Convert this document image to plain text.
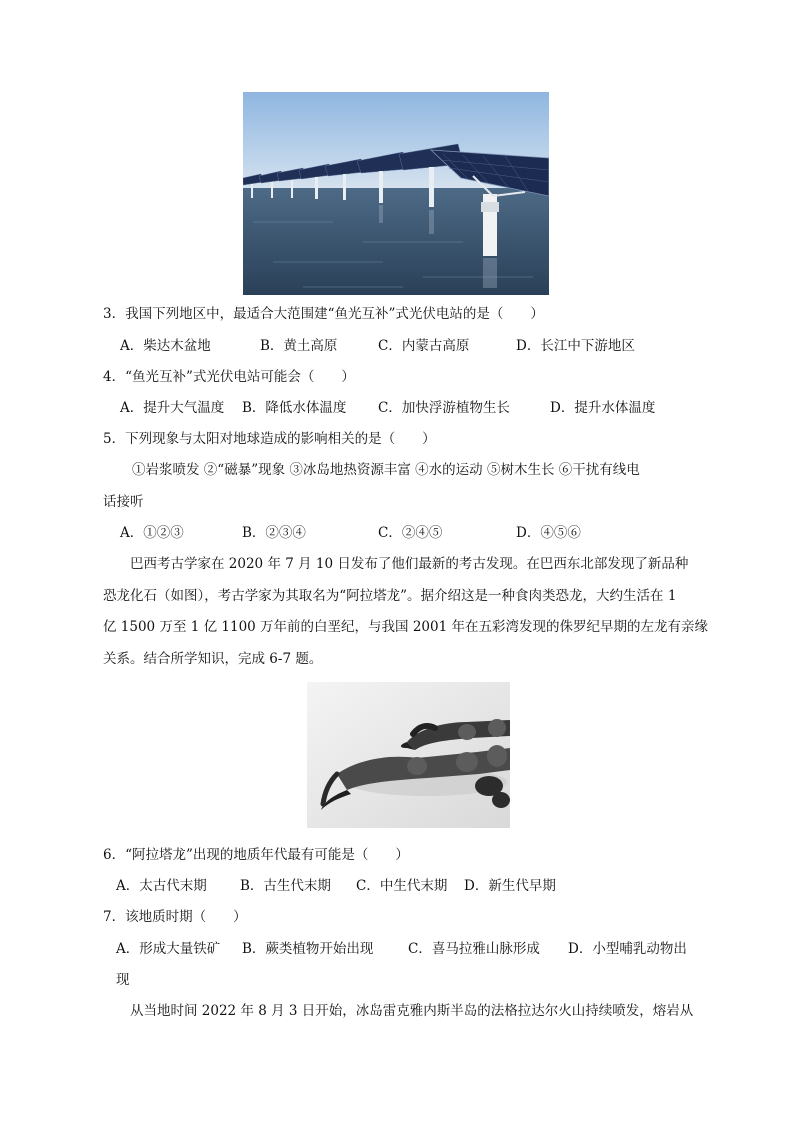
3．我国下列地区中，最适合大范围建“鱼光互补”式光伏电站的是（　　）
A．柴达木盆地	B．黄土高原	C．内蒙古高原	D．长江中下游地区
4．“鱼光互补”式光伏电站可能会（　　）
A．提升大气温度 B．降低水体温度 C．加快浮游植物生长	D．提升水体温度
5．下列现象与太阳对地球造成的影响相关的是（　　）
①岩浆喷发 ②“磁暴”现象 ③冰岛地热资源丰富 ④水的运动 ⑤树木生长 ⑥干扰有线电
话接听
A．①②③	B．②③④	C．②④⑤	D．④⑤⑥
巴西考古学家在 2020 年 7 月 10 日发布了他们最新的考古发现。在巴西东北部发现了新品种
恐龙化石（如图），考古学家为其取名为“阿拉塔龙”。据介绍这是一种食肉类恐龙，大约生活在 1
亿 1500 万至 1 亿 1100 万年前的白垩纪，与我国 2001 年在五彩湾发现的侏罗纪早期的左龙有亲缘
关系。结合所学知识，完成 6-7 题。
6．“阿拉塔龙”出现的地质年代最有可能是（　　）
A．太古代末期 B．古生代末期 C．中生代末期 D．新生代早期
7．该地质时期（　　）
A．形成大量铁矿 B．蕨类植物开始出现	C．喜马拉雅山脉形成 D．小型哺乳动物出
现
从当地时间 2022 年 8 月 3 日开始，冰岛雷克雅内斯半岛的法格拉达尔火山持续喷发，熔岩从
